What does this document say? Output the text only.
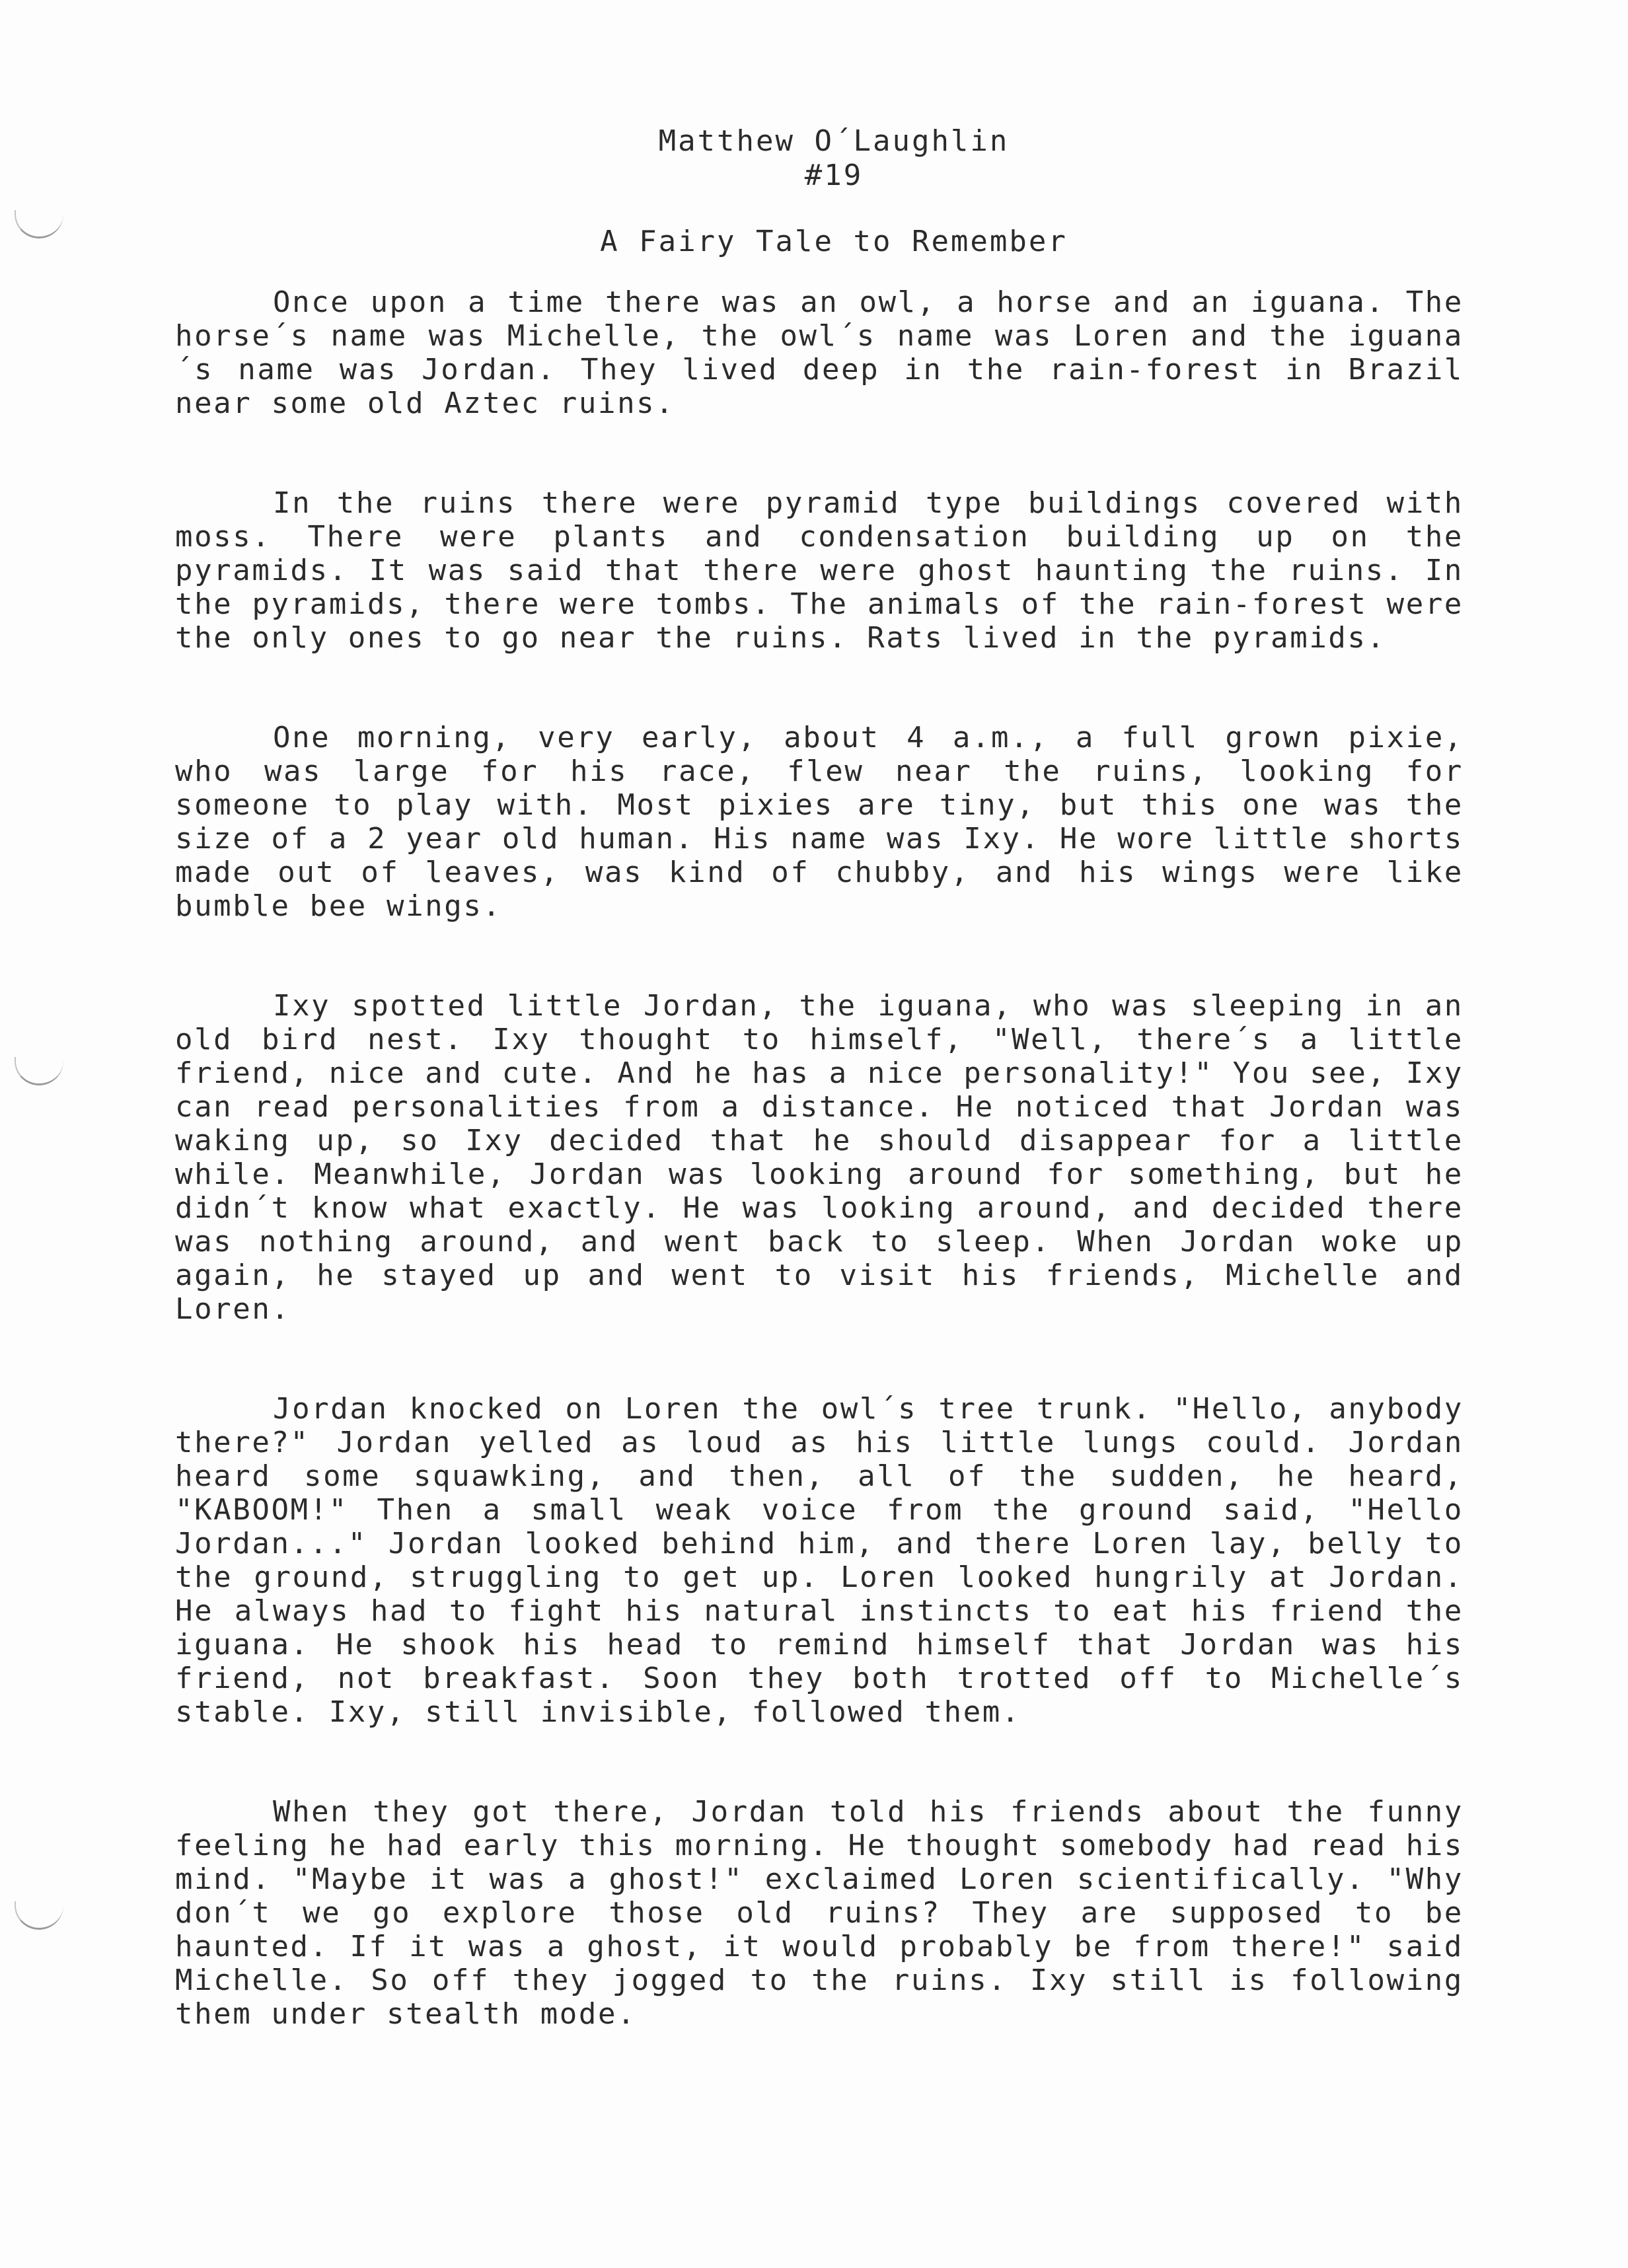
Matthew O´Laughlin
#19
A Fairy Tale to Remember

Once upon a time there was an owl, a horse and an iguana. The horse´s name was Michelle, the owl´s name was Loren and the iguana´s name was Jordan. They lived deep in the rain-forest in Brazil near some old Aztec ruins.

In the ruins there were pyramid type buildings covered with moss. There were plants and condensation building up on the pyramids. It was said that there were ghost haunting the ruins. In the pyramids, there were tombs. The animals of the rain-forest were the only ones to go near the ruins. Rats lived in the pyramids.

One morning, very early, about 4 a.m., a full grown pixie, who was large for his race, flew near the ruins, looking for someone to play with. Most pixies are tiny, but this one was the size of a 2 year old human. His name was Ixy. He wore little shorts made out of leaves, was kind of chubby, and his wings were like bumble bee wings.

Ixy spotted little Jordan, the iguana, who was sleeping in an old bird nest. Ixy thought to himself, "Well, there´s a little friend, nice and cute. And he has a nice personality!" You see, Ixy can read personalities from a distance. He noticed that Jordan was waking up, so Ixy decided that he should disappear for a little while. Meanwhile, Jordan was looking around for something, but he didn´t know what exactly. He was looking around, and decided there was nothing around, and went back to sleep. When Jordan woke up again, he stayed up and went to visit his friends, Michelle and Loren.

Jordan knocked on Loren the owl´s tree trunk. "Hello, anybody there?" Jordan yelled as loud as his little lungs could. Jordan heard some squawking, and then, all of the sudden, he heard, "KABOOM!" Then a small weak voice from the ground said, "Hello Jordan..." Jordan looked behind him, and there Loren lay, belly to the ground, struggling to get up. Loren looked hungrily at Jordan. He always had to fight his natural instincts to eat his friend the iguana. He shook his head to remind himself that Jordan was his friend, not breakfast. Soon they both trotted off to Michelle´s stable. Ixy, still invisible, followed them.

When they got there, Jordan told his friends about the funny feeling he had early this morning. He thought somebody had read his mind. "Maybe it was a ghost!" exclaimed Loren scientifically. "Why don´t we go explore those old ruins? They are supposed to be haunted. If it was a ghost, it would probably be from there!" said Michelle. So off they jogged to the ruins. Ixy still is following them under stealth mode.
